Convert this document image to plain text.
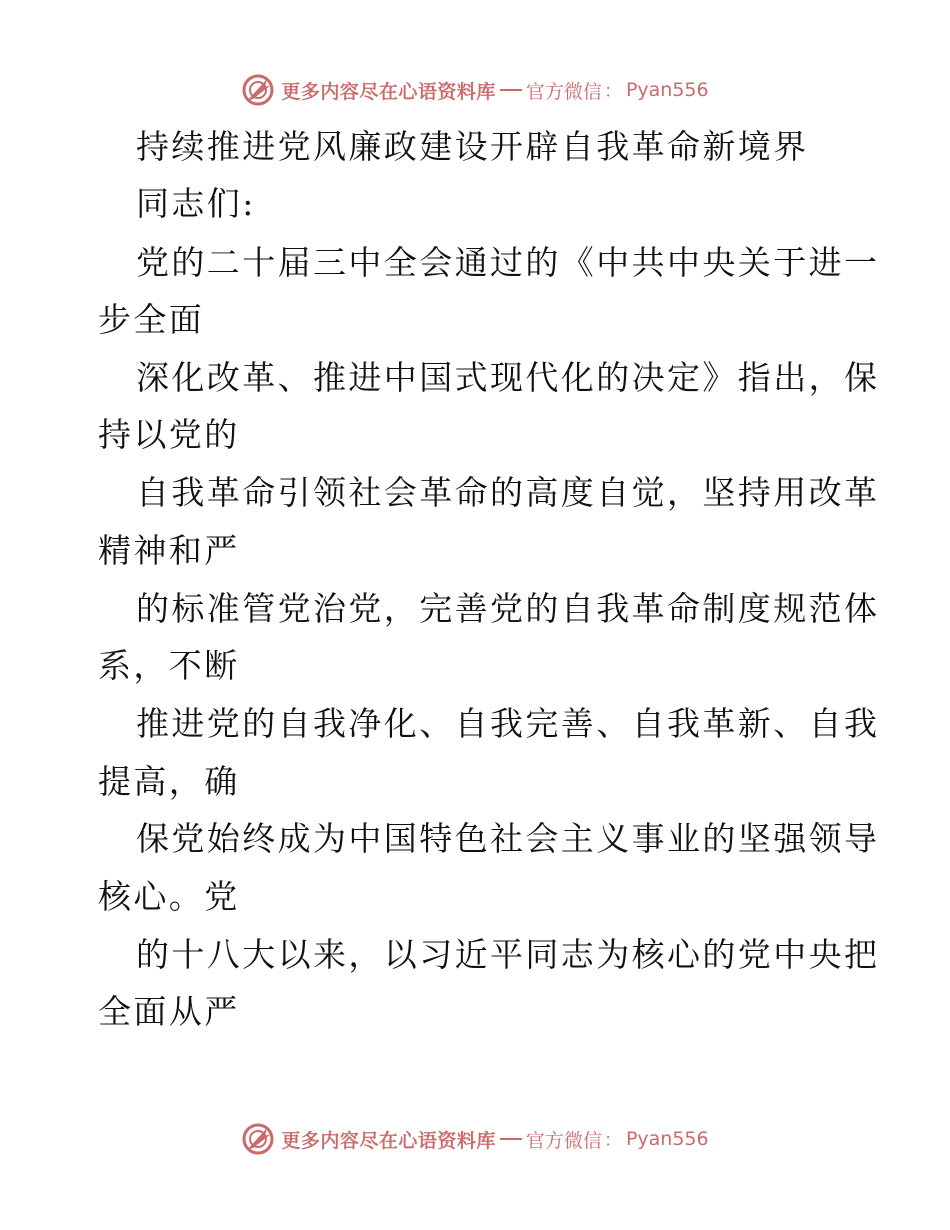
更多内容尽在心语资料库 官方微信 ： Pyan556
持续推进党风廉政建设开辟自我革命新境界
同志们:
党的二十届三中全会通过的《中共中央关于进一
步全面
深化改革、推进中国式现代化的决定》指出，保
持以党的
自我革命引领社会革命的高度自觉，坚持用改革
精神和严
的标准管党治党，完善党的自我革命制度规范体
系，不断
推进党的自我净化、自我完善、自我革新、自我
提高，确
保党始终成为中国特色社会主义事业的坚强领导
核心。党
的十八大以来，以习近平同志为核心的党中央把
全面从严
更多内容尽在心语资料库 官方微信 ： Pyan556
